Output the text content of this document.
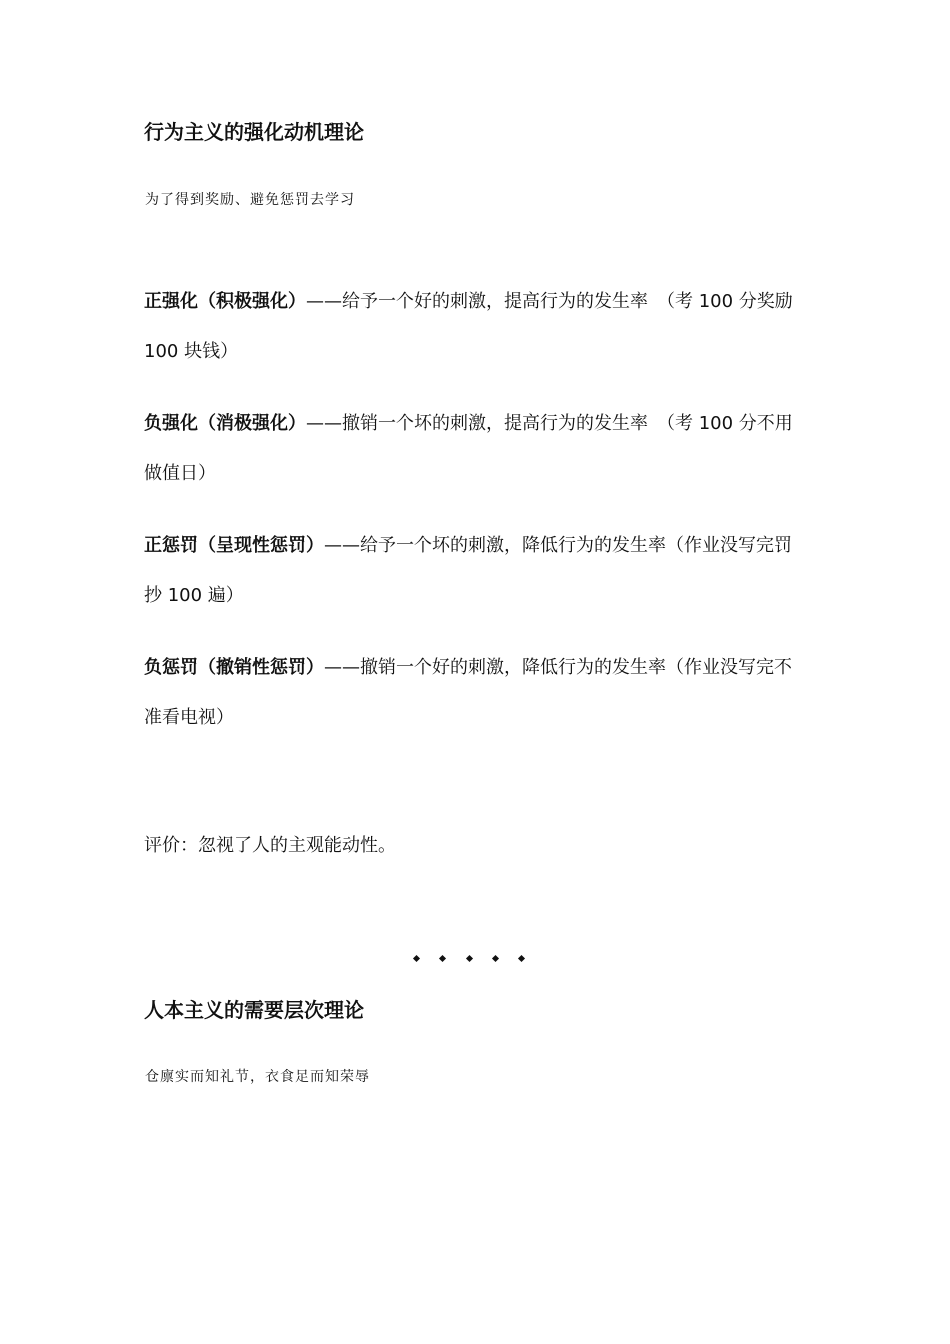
行为主义的强化动机理论
为了得到奖励、避免惩罚去学习

正强化（积极强化）——给予一个好的刺激，提高行为的发生率　（考 100 分奖励 100 块钱）

负强化（消极强化）——撤销一个坏的刺激，提高行为的发生率　（考 100 分不用做值日）

正惩罚（呈现性惩罚）——给予一个坏的刺激，降低行为的发生率（作业没写完罚抄 100 遍）

负惩罚（撤销性惩罚）——撤销一个好的刺激，降低行为的发生率（作业没写完不准看电视）

评价：忽视了人的主观能动性。
人本主义的需要层次理论
仓廪实而知礼节，衣食足而知荣辱
